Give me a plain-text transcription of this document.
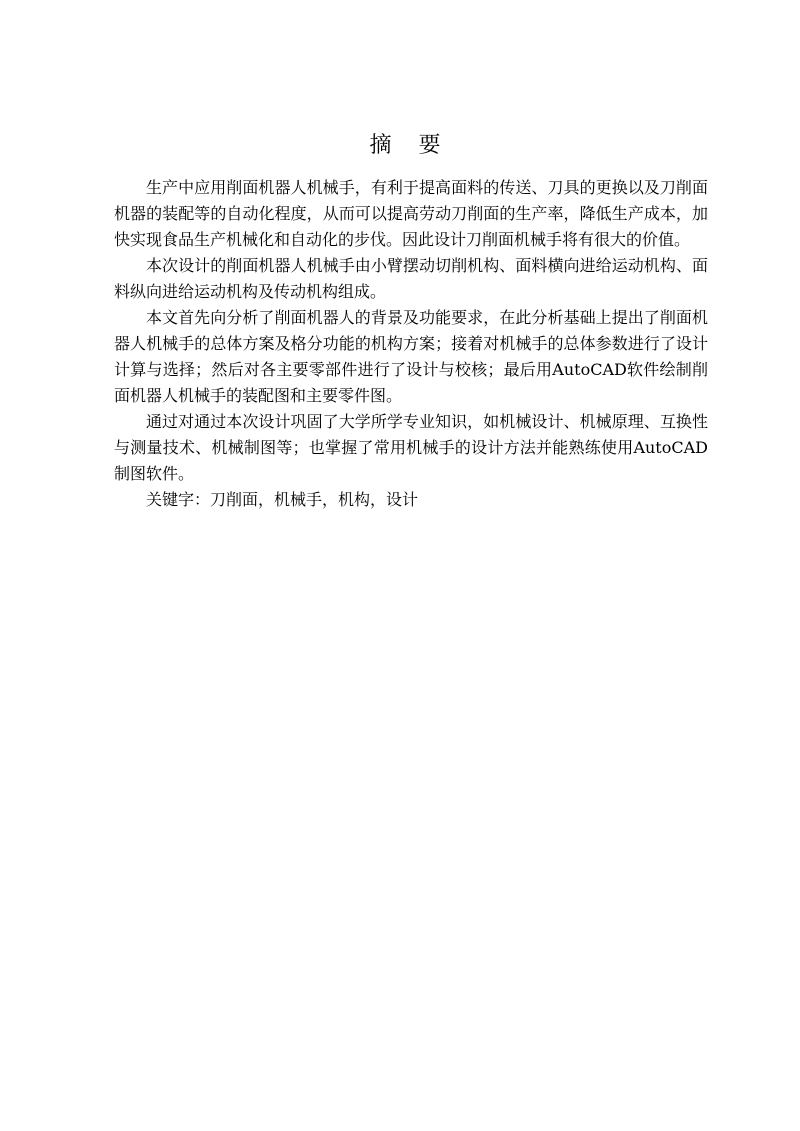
摘 要

生产中应用削面机器人机械手，有利于提高面料的传送、刀具的更换以及刀削面机器的装配等的自动化程度，从而可以提高劳动刀削面的生产率，降低生产成本，加快实现食品生产机械化和自动化的步伐。因此设计刀削面机械手将有很大的价值。

本次设计的削面机器人机械手由小臂摆动切削机构、面料横向进给运动机构、面料纵向进给运动机构及传动机构组成。

本文首先向分析了削面机器人的背景及功能要求，在此分析基础上提出了削面机器人机械手的总体方案及格分功能的机构方案；接着对机械手的总体参数进行了设计计算与选择；然后对各主要零部件进行了设计与校核；最后用AutoCAD软件绘制削面机器人机械手的装配图和主要零件图。

通过对通过本次设计巩固了大学所学专业知识，如机械设计、机械原理、互换性与测量技术、机械制图等；也掌握了常用机械手的设计方法并能熟练使用AutoCAD制图软件。

关键字：刀削面，机械手，机构，设计
